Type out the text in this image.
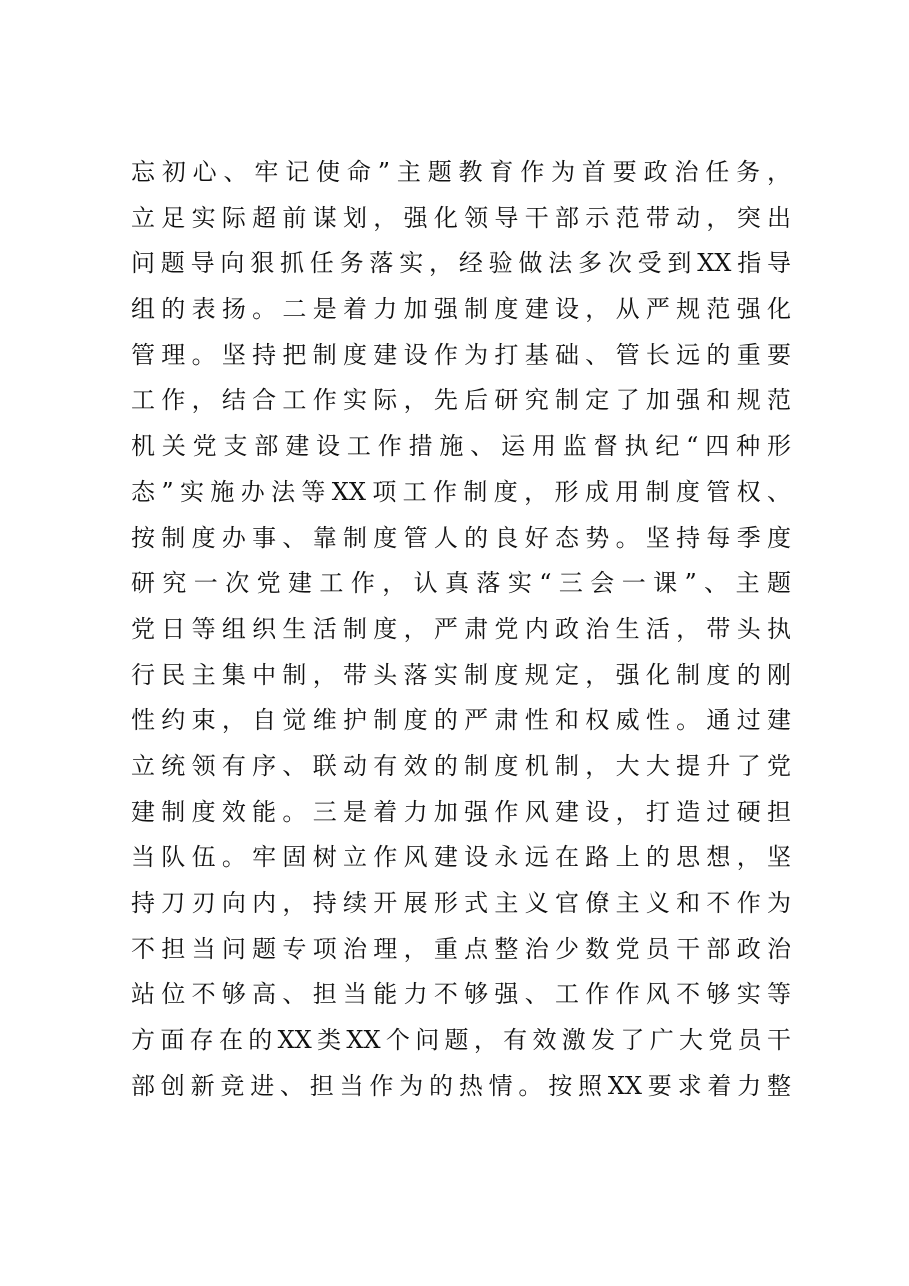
忘初心、牢记使命”主题教育作为首要政治任务，
立足实际超前谋划，强化领导干部示范带动，突出
问题导向狠抓任务落实，经验做法多次受到XX指导
组的表扬。二是着力加强制度建设，从严规范强化
管理。坚持把制度建设作为打基础、管长远的重要
工作，结合工作实际，先后研究制定了加强和规范
机关党支部建设工作措施、运用监督执纪“四种形
态”实施办法等XX项工作制度，形成用制度管权、
按制度办事、靠制度管人的良好态势。坚持每季度
研究一次党建工作，认真落实“三会一课”、主题
党日等组织生活制度，严肃党内政治生活，带头执
行民主集中制，带头落实制度规定，强化制度的刚
性约束，自觉维护制度的严肃性和权威性。通过建
立统领有序、联动有效的制度机制，大大提升了党
建制度效能。三是着力加强作风建设，打造过硬担
当队伍。牢固树立作风建设永远在路上的思想，坚
持刀刃向内，持续开展形式主义官僚主义和不作为
不担当问题专项治理，重点整治少数党员干部政治
站位不够高、担当能力不够强、工作作风不够实等
方面存在的XX类XX个问题，有效激发了广大党员干
部创新竞进、担当作为的热情。按照XX要求着力整
